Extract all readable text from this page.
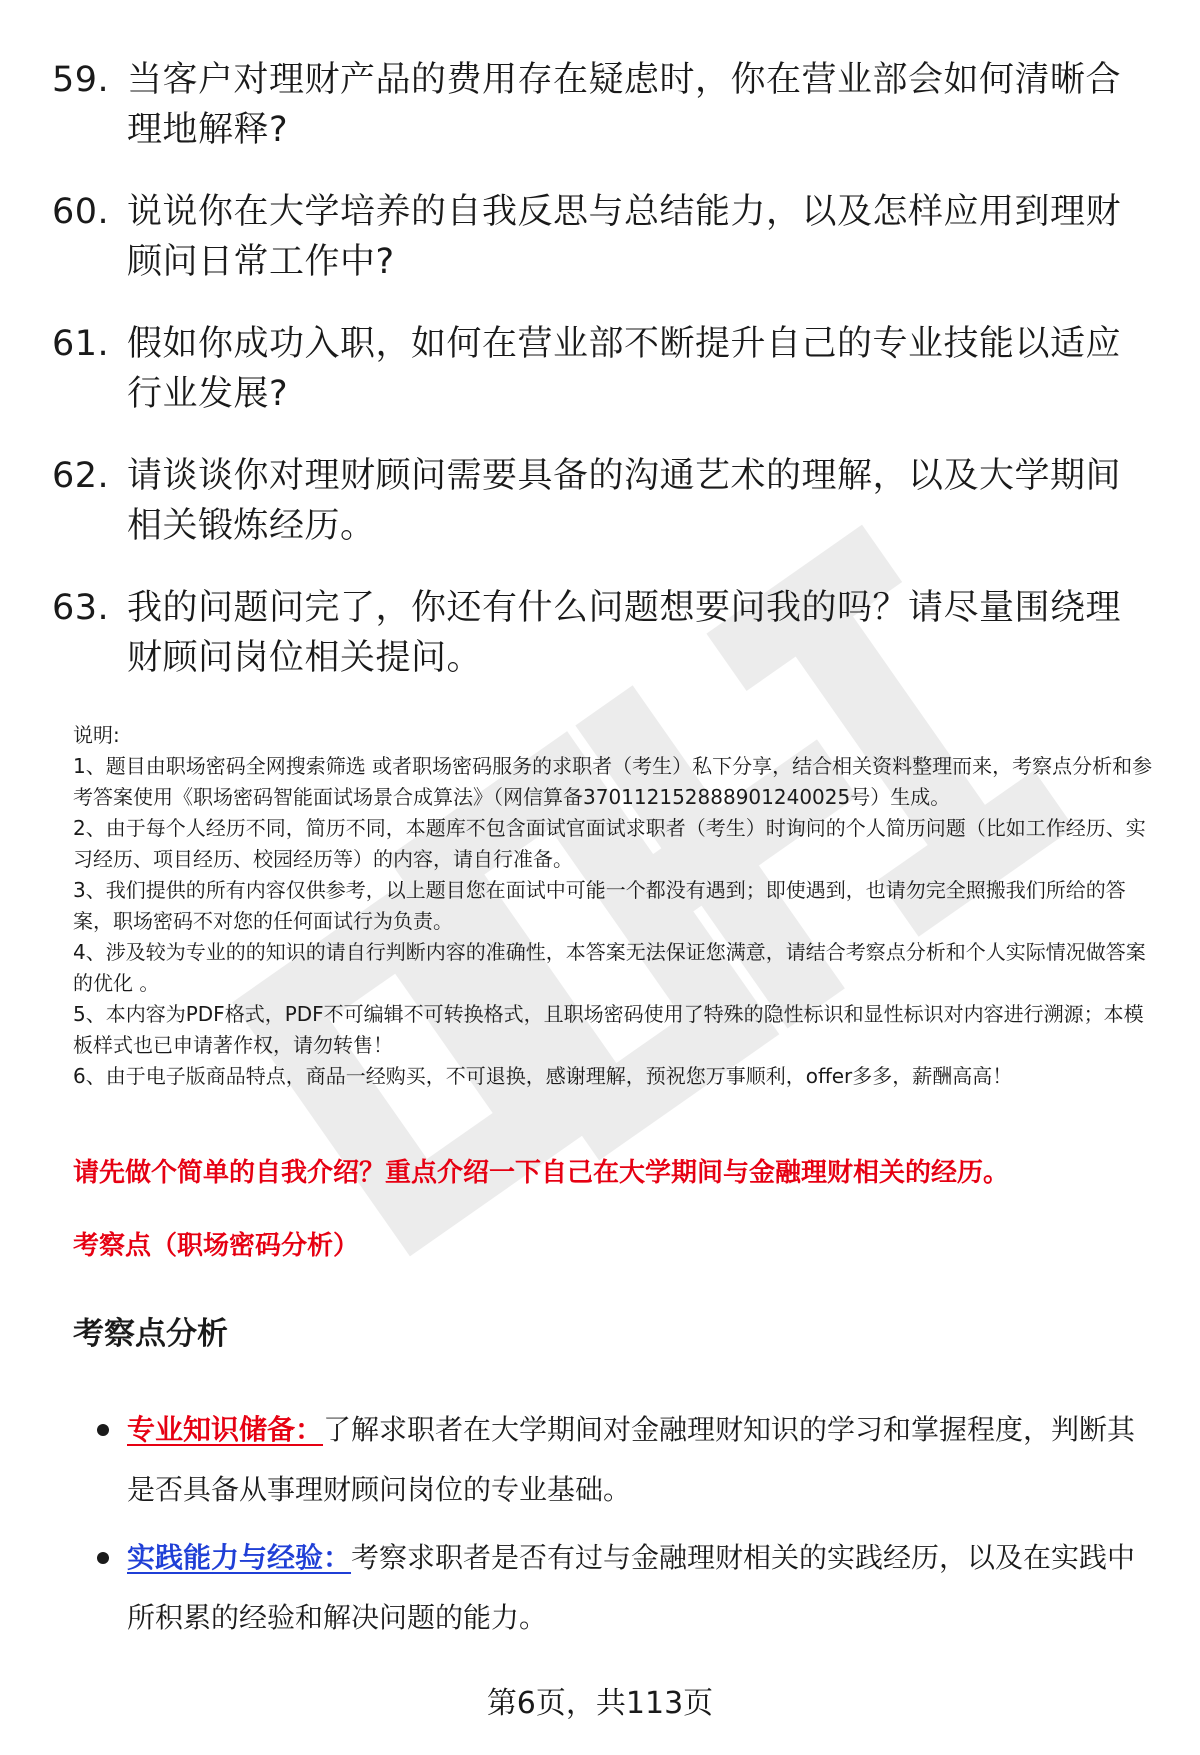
59. 当客户对理财产品的费用存在疑虑时，你在营业部会如何清晰合理地解释?
60. 说说你在大学培养的自我反思与总结能力，以及怎样应用到理财顾问日常工作中?
61. 假如你成功入职，如何在营业部不断提升自己的专业技能以适应行业发展?
62. 请谈谈你对理财顾问需要具备的沟通艺术的理解，以及大学期间相关锻炼经历。
63. 我的问题问完了，你还有什么问题想要问我的吗？请尽量围绕理财顾问岗位相关提问。

说明:

1、题目由职场密码全网搜索筛选 或者职场密码服务的求职者（考生）私下分享，结合相关资料整理而来，考察点分析和参考答案使用《职场密码智能面试场景合成算法》（网信算备370112152888901240025号）生成。

2、由于每个人经历不同，简历不同，本题库不包含面试官面试求职者（考生）时询问的个人简历问题（比如工作经历、实习经历、项目经历、校园经历等）的内容，请自行准备。

3、我们提供的所有内容仅供参考，以上题目您在面试中可能一个都没有遇到；即使遇到，也请勿完全照搬我们所给的答案，职场密码不对您的任何面试行为负责。

4、涉及较为专业的的知识的请自行判断内容的准确性，本答案无法保证您满意，请结合考察点分析和个人实际情况做答案的优化 。

5、本内容为PDF格式，PDF不可编辑不可转换格式，且职场密码使用了特殊的隐性标识和显性标识对内容进行溯源；本模板样式也已申请著作权，请勿转售！

6、由于电子版商品特点，商品一经购买，不可退换，感谢理解，预祝您万事顺利，offer多多，薪酬高高！

请先做个简单的自我介绍？重点介绍一下自己在大学期间与金融理财相关的经历。

考察点（职场密码分析）

考察点分析
专业知识储备：了解求职者在大学期间对金融理财知识的学习和掌握程度，判断其是否具备从事理财顾问岗位的专业基础。
实践能力与经验：考察求职者是否有过与金融理财相关的实践经历，以及在实践中所积累的经验和解决问题的能力。

第6页，共113页
